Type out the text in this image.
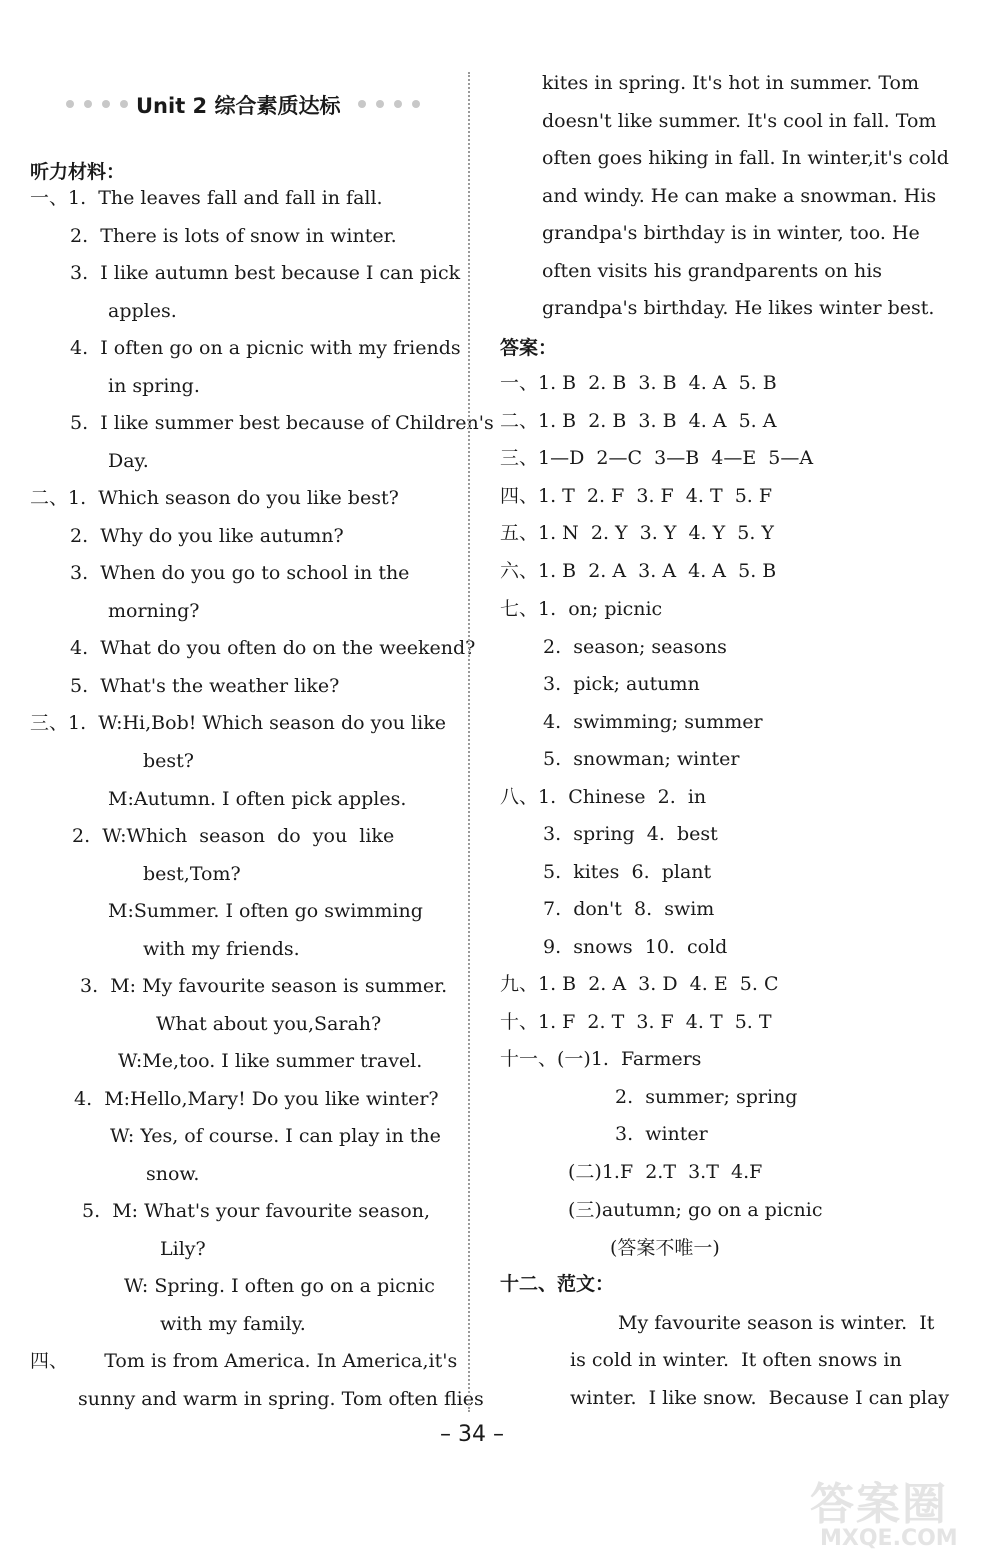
Unit 2 综合素质达标
听力材料：
一、1.  The leaves fall and fall in fall.
2.  There is lots of snow in winter.
3.  I like autumn best because I can pick
apples.
4.  I often go on a picnic with my friends
in spring.
5.  I like summer best because of Children's
Day.
二、1.  Which season do you like best?
2.  Why do you like autumn?
3.  When do you go to school in the
morning?
4.  What do you often do on the weekend?
5.  What's the weather like?
三、1.  W:Hi,Bob! Which season do you like
best?
M:Autumn. I often pick apples.
2.  W:Which  season  do  you  like
best,Tom?
M:Summer. I often go swimming
with my friends.
3.  M: My favourite season is summer.
What about you,Sarah?
W:Me,too. I like summer travel.
4.  M:Hello,Mary! Do you like winter?
W: Yes, of course. I can play in the
snow.
5.  M: What's your favourite season,
Lily?
W: Spring. I often go on a picnic
with my family.
四、      Tom is from America. In America,it's
sunny and warm in spring. Tom often flies
kites in spring. It's hot in summer. Tom
doesn't like summer. It's cool in fall. Tom
often goes hiking in fall. In winter,it's cold
and windy. He can make a snowman. His
grandpa's birthday is in winter, too. He
often visits his grandparents on his
grandpa's birthday. He likes winter best.
答案：
一、1. B  2. B  3. B  4. A  5. B
二、1. B  2. B  3. B  4. A  5. A
三、1—D  2—C  3—B  4—E  5—A
四、1. T  2. F  3. F  4. T  5. F
五、1. N  2. Y  3. Y  4. Y  5. Y
六、1. B  2. A  3. A  4. A  5. B
七、1.  on; picnic
2.  season; seasons
3.  pick; autumn
4.  swimming; summer
5.  snowman; winter
八、1.  Chinese  2.  in
3.  spring  4.  best
5.  kites  6.  plant
7.  don't  8.  swim
9.  snows  10.  cold
九、1. B  2. A  3. D  4. E  5. C
十、1. F  2. T  3. F  4. T  5. T
十一、(一)1.  Farmers
2.  summer; spring
3.  winter
(二)1.F  2.T  3.T  4.F
(三)autumn; go on a picnic
(答案不唯一)
十二、范文：
My favourite season is winter.  It
is cold in winter.  It often snows in
winter.  I like snow.  Because I can play
– 34 –
答案圈
MXQE.COM
